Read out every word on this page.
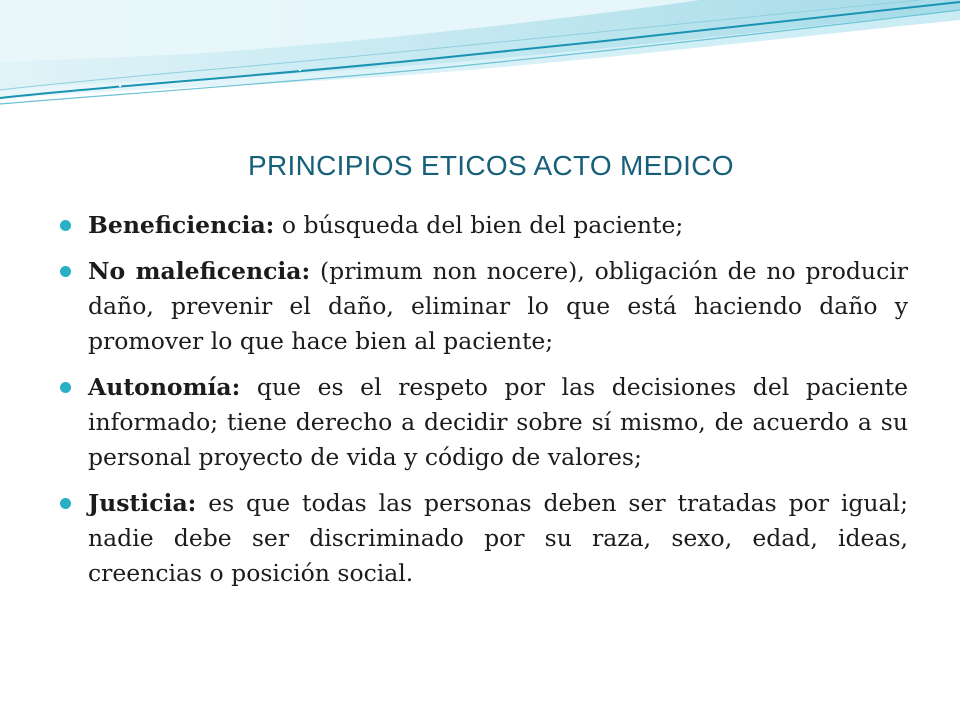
PRINCIPIOS ETICOS ACTO MEDICO
Beneficiencia: o búsqueda del bien del paciente;
No maleficencia: (primum non nocere), obligación de no producir daño, prevenir el daño, eliminar lo que está haciendo daño y promover lo que hace bien al paciente;
Autonomía: que es el respeto por las decisiones del paciente informado; tiene derecho a decidir sobre sí mismo, de acuerdo a su personal proyecto de vida y código de valores;
Justicia: es que todas las personas deben ser tratadas por igual; nadie debe ser discriminado por su raza, sexo, edad, ideas, creencias o posición social.
